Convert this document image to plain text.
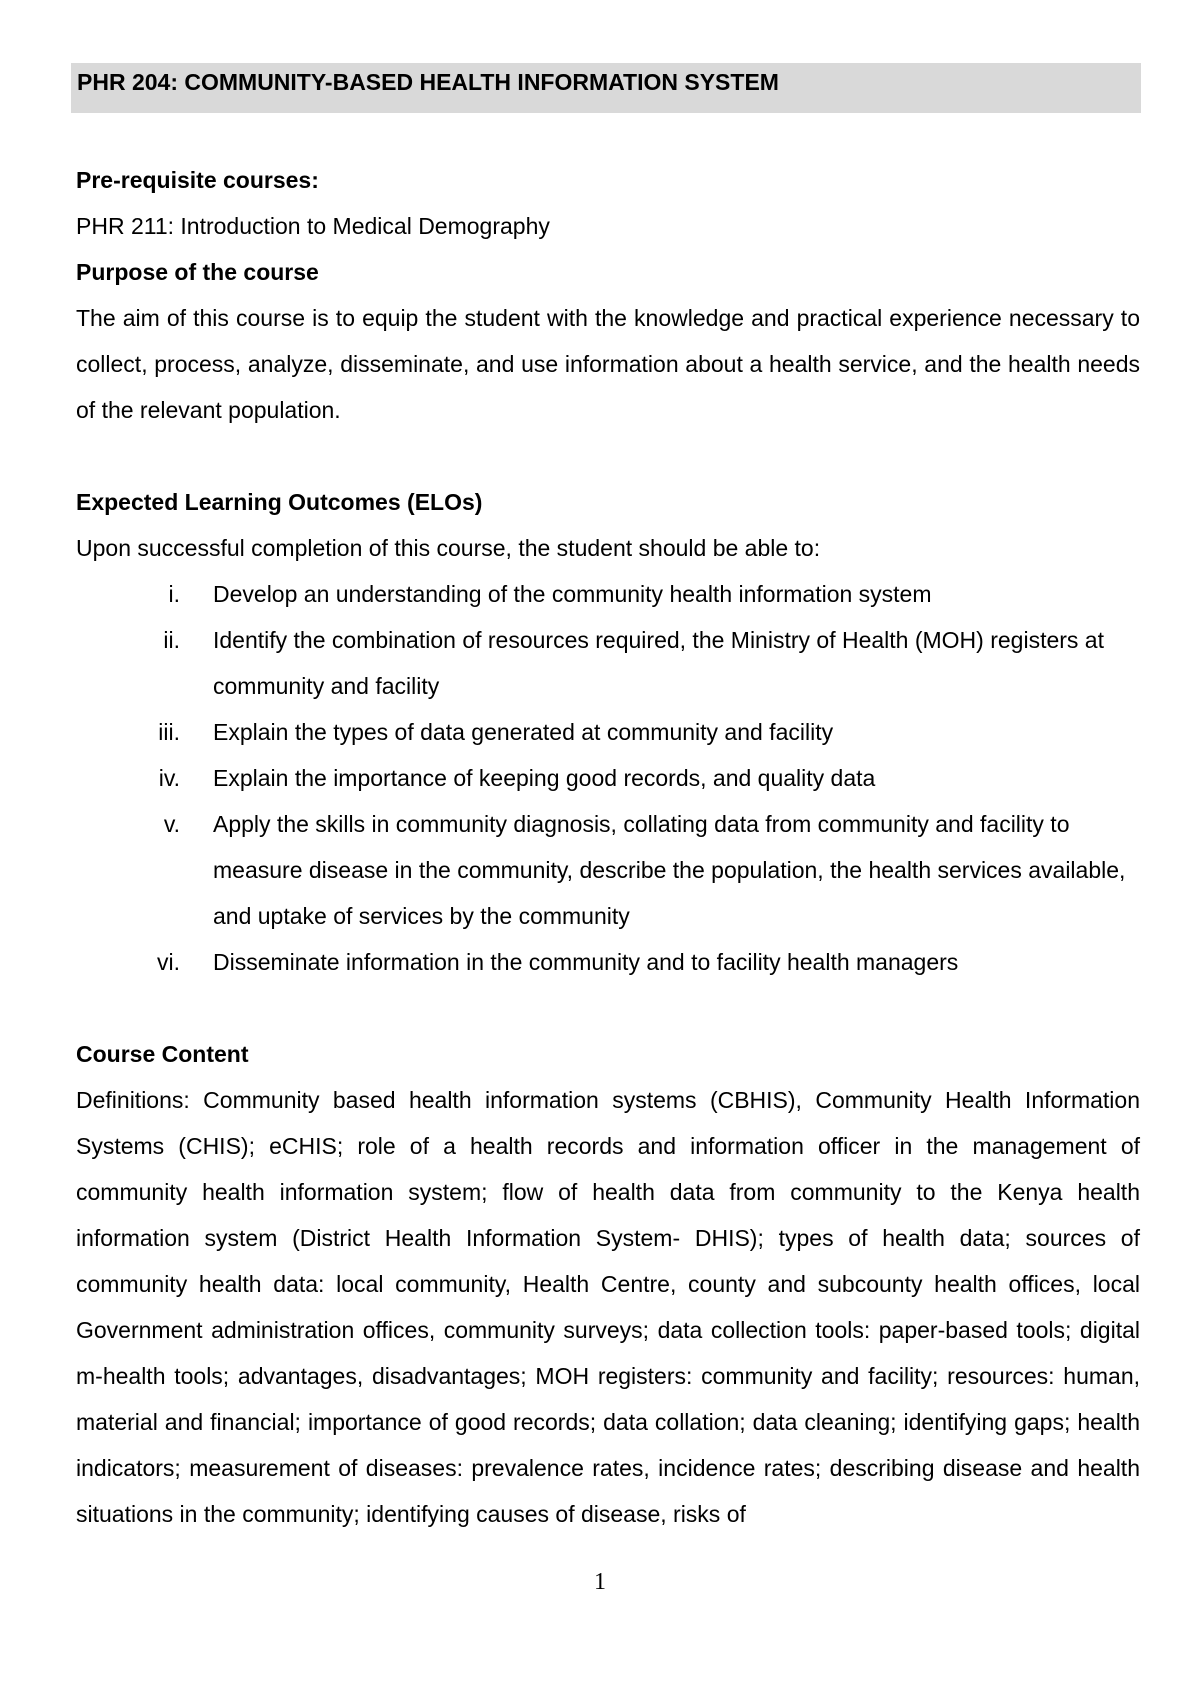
PHR 204: COMMUNITY-BASED HEALTH INFORMATION SYSTEM

Pre-requisite courses:

PHR 211: Introduction to Medical Demography

Purpose of the course

The aim of this course is to equip the student with the knowledge and practical experience necessary to collect, process, analyze, disseminate, and use information about a health service, and the health needs of the relevant population.

Expected Learning Outcomes (ELOs)

Upon successful completion of this course, the student should be able to:

i. Develop an understanding of the community health information system
ii. Identify the combination of resources required, the Ministry of Health (MOH) registers at community and facility
iii. Explain the types of data generated at community and facility
iv. Explain the importance of keeping good records, and quality data
v. Apply the skills in community diagnosis, collating data from community and facility to measure disease in the community, describe the population, the health services available, and uptake of services by the community
vi. Disseminate information in the community and to facility health managers

Course Content

Definitions: Community based health information systems (CBHIS), Community Health Information Systems (CHIS); eCHIS; role of a health records and information officer in the management of community health information system; flow of health data from community to the Kenya health information system (District Health Information System- DHIS); types of health data; sources of community health data: local community, Health Centre, county and subcounty health offices, local Government administration offices, community surveys; data collection tools: paper-based tools; digital m-health tools; advantages, disadvantages; MOH registers: community and facility; resources: human, material and financial; importance of good records; data collation; data cleaning; identifying gaps; health indicators; measurement of diseases: prevalence rates, incidence rates; describing disease and health situations in the community; identifying causes of disease, risks of

1
